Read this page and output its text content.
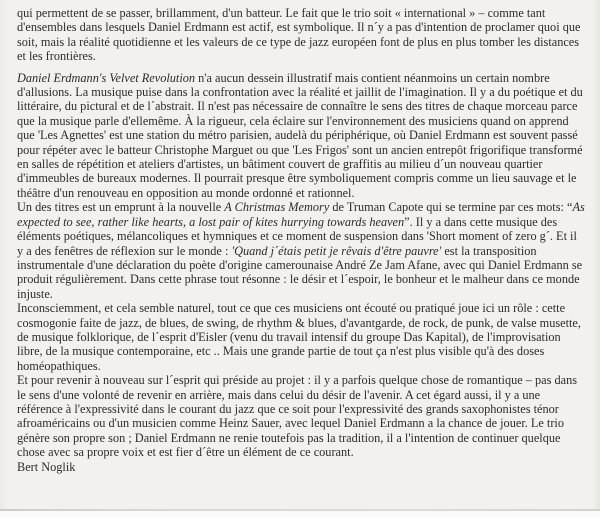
qui permettent de se passer, brillamment, d'un batteur. Le fait que le trio soit « international » – comme tant d'ensembles dans lesquels Daniel Erdmann est actif, est symbolique. Il n´y a pas d'intention de proclamer quoi que soit, mais la réalité quotidienne et les valeurs de ce type de jazz européen font de plus en plus tomber les distances et les frontières.

Daniel Erdmann's Velvet Revolution n'a aucun dessein illustratif mais contient néanmoins un certain nombre d'allusions. La musique puise dans la confrontation avec la réalité et jaillit de l'imagination. Il y a du poétique et du littéraire, du pictural et de l´abstrait. Il n'est pas nécessaire de connaître le sens des titres de chaque morceau parce que la musique parle d'ellemême. À la rigueur, cela éclaire sur l'environnement des musiciens quand on apprend que 'Les Agnettes' est une station du métro parisien, audelà du périphérique, où Daniel Erdmann est souvent passé pour répéter avec le batteur Christophe Marguet ou que 'Les Frigos' sont un ancien entrepôt frigorifique transformé en salles de répétition et ateliers d'artistes, un bâtiment couvert de graffitis au milieu d´un nouveau quartier d'immeubles de bureaux modernes. Il pourrait presque être symboliquement compris comme un lieu sauvage et le théâtre d'un renouveau en opposition au monde ordonné et rationnel.

Un des titres est un emprunt à la nouvelle A Christmas Memory de Truman Capote qui se termine par ces mots: “As expected to see, rather like hearts, a lost pair of kites hurrying towards heaven”. Il y a dans cette musique des éléments poétiques, mélancoliques et hymniques et ce moment de suspension dans 'Short moment of zero g´. Et il y a des fenêtres de réflexion sur le monde : 'Quand j´étais petit je rêvais d'être pauvre' est la transposition instrumentale d'une déclaration du poète d'origine camerounaise André Ze Jam Afane, avec qui Daniel Erdmann se produit régulièrement. Dans cette phrase tout résonne : le désir et l´espoir, le bonheur et le malheur dans ce monde injuste.

Inconsciemment, et cela semble naturel, tout ce que ces musiciens ont écouté ou pratiqué joue ici un rôle : cette cosmogonie faite de jazz, de blues, de swing, de rhythm & blues, d'avantgarde, de rock, de punk, de valse musette, de musique folklorique, de l´esprit d'Eisler (venu du travail intensif du groupe Das Kapital), de l'improvisation libre, de la musique contemporaine, etc .. Mais une grande partie de tout ça n'est plus visible qu'à des doses homéopathiques.

Et pour revenir à nouveau sur l´esprit qui préside au projet : il y a parfois quelque chose de romantique – pas dans le sens d'une volonté de revenir en arrière, mais dans celui du désir de l'avenir. A cet égard aussi, il y a une référence à l'expressivité dans le courant du jazz que ce soit pour l'expressivité des grands saxophonistes ténor afroaméricains ou d'un musicien comme Heinz Sauer, avec lequel Daniel Erdmann a la chance de jouer. Le trio génère son propre son ; Daniel Erdmann ne renie toutefois pas la tradition, il a l'intention de continuer quelque chose avec sa propre voix et est fier d´être un élément de ce courant.

Bert Noglik
